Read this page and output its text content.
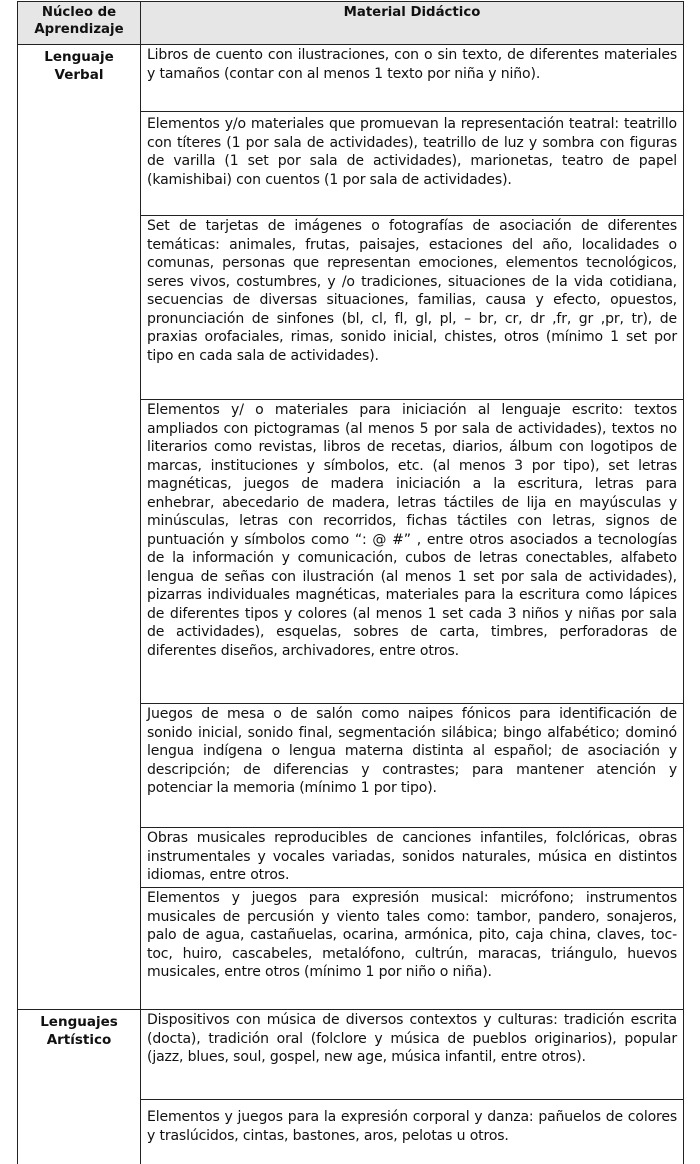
Núcleo de Aprendizaje	Material Didáctico
Lenguaje Verbal	Libros de cuento con ilustraciones, con o sin texto, de diferentes materiales y tamaños (contar con al menos 1 texto por niña y niño).
	Elementos y/o materiales que promuevan la representación teatral: teatrillo con títeres (1 por sala de actividades), teatrillo de luz y sombra con figuras de varilla (1 set por sala de actividades), marionetas, teatro de papel (kamishibai) con cuentos (1 por sala de actividades).
	Set de tarjetas de imágenes o fotografías de asociación de diferentes temáticas: animales, frutas, paisajes, estaciones del año, localidades o comunas, personas que representan emociones, elementos tecnológicos, seres vivos, costumbres, y /o tradiciones, situaciones de la vida cotidiana, secuencias de diversas situaciones, familias, causa y efecto, opuestos, pronunciación de sinfones (bl, cl, fl, gl, pl, – br, cr, dr ,fr, gr ,pr, tr), de praxias orofaciales, rimas, sonido inicial, chistes, otros (mínimo 1 set por tipo en cada sala de actividades).
	Elementos y/ o materiales para iniciación al lenguaje escrito: textos ampliados con pictogramas (al menos 5 por sala de actividades), textos no literarios como revistas, libros de recetas, diarios, álbum con logotipos de marcas, instituciones y símbolos, etc. (al menos 3 por tipo), set letras magnéticas, juegos de madera iniciación a la escritura, letras para enhebrar, abecedario de madera, letras táctiles de lija en mayúsculas y minúsculas, letras con recorridos, fichas táctiles con letras, signos de puntuación y símbolos como “: @ #” , entre otros asociados a tecnologías de la información y comunicación, cubos de letras conectables, alfabeto lengua de señas con ilustración (al menos 1 set por sala de actividades), pizarras individuales magnéticas, materiales para la escritura como lápices de diferentes tipos y colores (al menos 1 set cada 3 niños y niñas por sala de actividades), esquelas, sobres de carta, timbres, perforadoras de diferentes diseños, archivadores, entre otros.
	Juegos de mesa o de salón como naipes fónicos para identificación de sonido inicial, sonido final, segmentación silábica; bingo alfabético; dominó lengua indígena o lengua materna distinta al español; de asociación y descripción; de diferencias y contrastes; para mantener atención y potenciar la memoria (mínimo 1 por tipo).
	Obras musicales reproducibles de canciones infantiles, folclóricas, obras instrumentales y vocales variadas, sonidos naturales, música en distintos idiomas, entre otros.
	Elementos y juegos para expresión musical: micrófono; instrumentos musicales de percusión y viento tales como: tambor, pandero, sonajeros, palo de agua, castañuelas, ocarina, armónica, pito, caja china, claves, toc-toc, huiro, cascabeles, metalófono, cultrún, maracas, triángulo, huevos musicales, entre otros (mínimo 1 por niño o niña).
Lenguajes Artístico	Dispositivos con música de diversos contextos y culturas: tradición escrita (docta), tradición oral (folclore y música de pueblos originarios), popular (jazz, blues, soul, gospel, new age, música infantil, entre otros).
	Elementos y juegos para la expresión corporal y danza: pañuelos de colores y traslúcidos, cintas, bastones, aros, pelotas u otros.
